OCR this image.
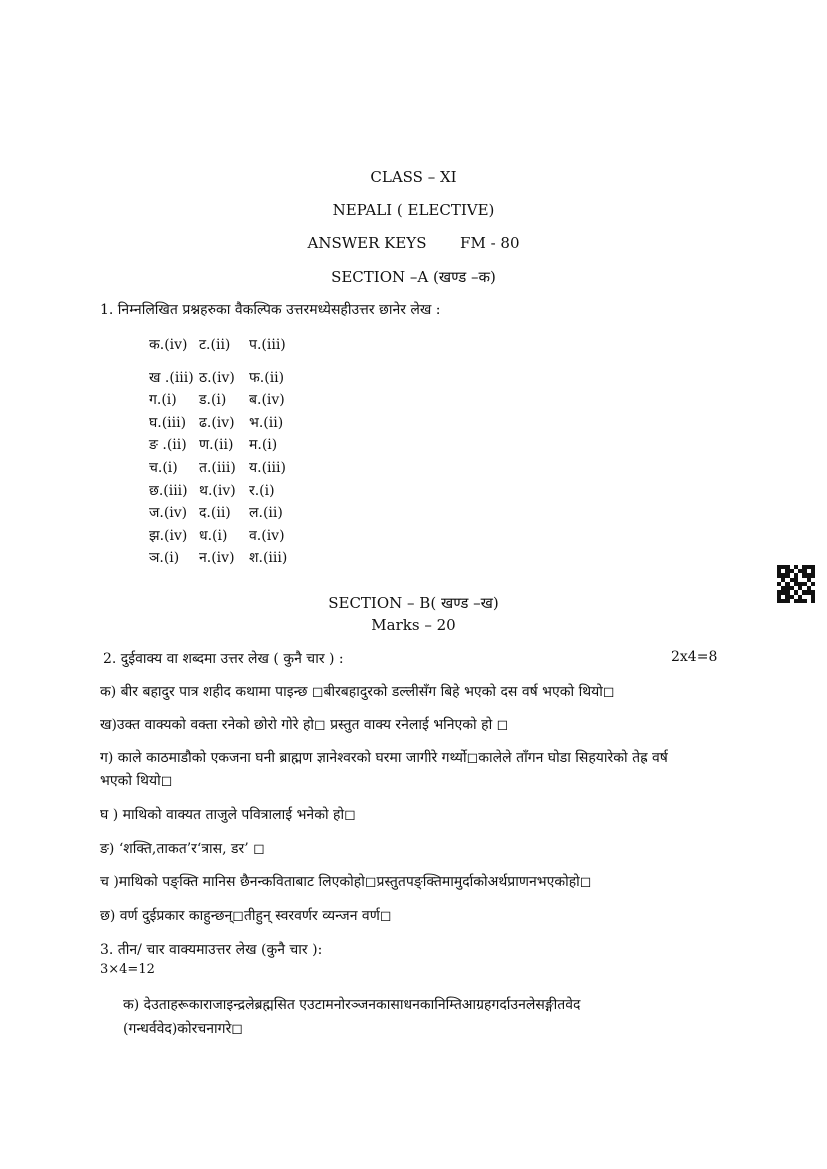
CLASS – XI
NEPALI ( ELECTIVE)
ANSWER KEYS FM - 80
SECTION –A (खण्ड –क)
1. निम्नलिखित प्रश्नहरुका वैकल्पिक उत्तरमध्येसहीउत्तर छानेर लेख :
क.(iv) ट.(ii) प.(iii)
ख .(iii) ठ.(iv) फ.(ii)
ग.(i) ड.(i) ब.(iv)
घ.(iii) ढ.(iv) भ.(ii)
ङ .(ii) ण.(ii) म.(i)
च.(i) त.(iii) य.(iii)
छ.(iii) थ.(iv) र.(i)
ज.(iv) द.(ii) ल.(ii)
झ.(iv) ध.(i) व.(iv)
ञ.(i) न.(iv) श.(iii)
SECTION – B( खण्ड –ख)
Marks – 20
2. दुईवाक्य वा शब्दमा उत्तर लेख ( कुनै चार ) :	2x4=8
क) बीर बहादुर पात्र शहीद कथामा पाइन्छ ◻बीरबहादुरको डल्लीसँग बिहे भएको दस वर्ष भएको थियो◻
ख)उक्त वाक्यको वक्ता रनेको छोरो गोरे हो◻ प्रस्तुत वाक्य रनेलाई भनिएको हो ◻
ग) काले काठमाडौको एकजना घनी ब्राह्मण ज्ञानेश्वरको घरमा जागीरे गर्थ्यो◻कालेले ताँगन घोडा सिहयारेको तेह्र वर्ष
भएको थियो◻
घ ) माथिको वाक्यत ताजुले पवित्रालाई भनेको हो◻
ङ) ‘शक्ति,ताकत’र‘त्रास, डर’ ◻
च )माथिको पङ्क्ति मानिस छैनन्कविताबाट लिएकोहो◻प्रस्तुतपङ्क्तिमामुर्दाकोअर्थप्राणनभएकोहो◻
छ) वर्ण दुईप्रकार काहुन्छन्◻तीहुन् स्वरवर्णर व्यन्जन वर्ण◻
3. तीन/ चार वाक्यमाउत्तर लेख (कुनै चार ):
3×4=12
क) देउताहरूकाराजाइन्द्रलेब्रह्मसित एउटामनोरञ्जनकासाधनकानिम्तिआग्रहगर्दाउनलेसङ्गीतवेद
(गन्धर्ववेद)कोरचनागरे◻
